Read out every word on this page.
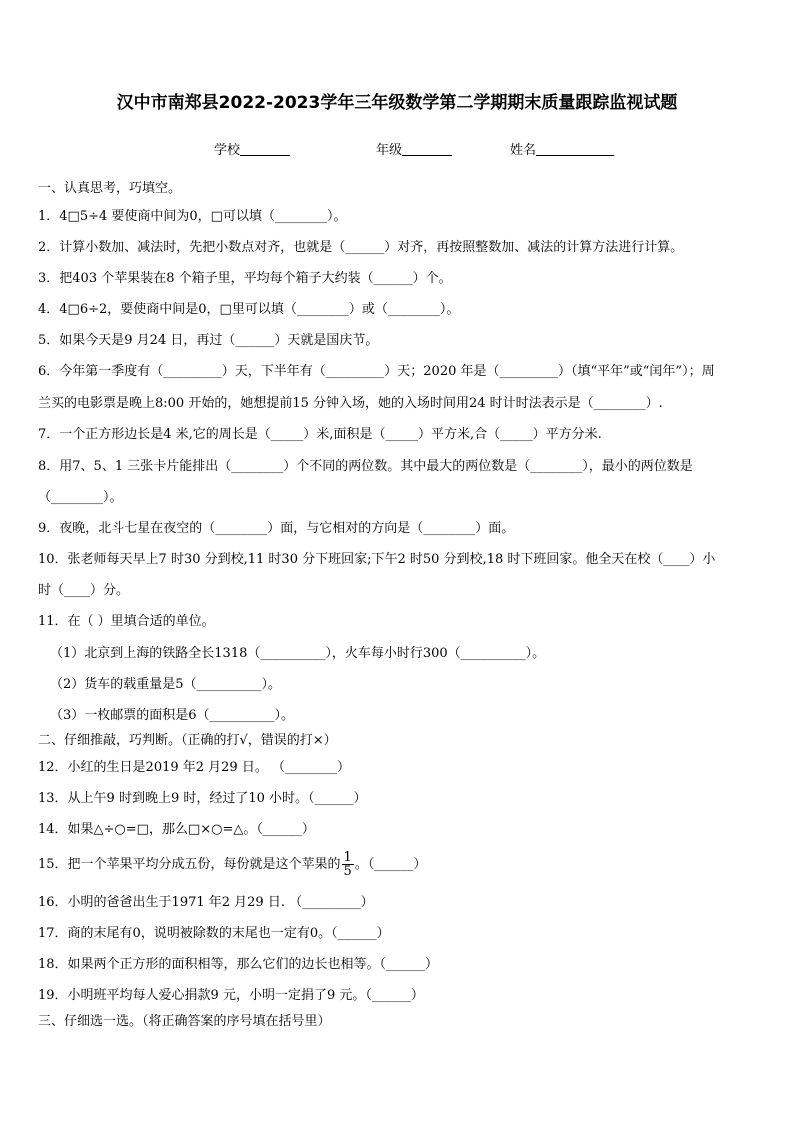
汉中市南郑县2022-2023学年三年级数学第二学期期末质量跟踪监视试题
学校	年级	姓名
一、认真思考，巧填空。
1．4□5÷4 要使商中间为0，□可以填（________）。
2．计算小数加、减法时，先把小数点对齐，也就是（______）对齐，再按照整数加、减法的计算方法进行计算。
3．把403 个苹果装在8 个箱子里，平均每个箱子大约装（______）个。
4．4□6÷2，要使商中间是0，□里可以填（________）或（________）。
5．如果今天是9 月24 日，再过（______）天就是国庆节。
6．今年第一季度有（_________）天，下半年有（_________）天；2020 年是（_________）（填“平年”或“闰年”）；周
兰买的电影票是晚上8:00 开始的，她想提前15 分钟入场，她的入场时间用24 时计时法表示是（________）.
7．一个正方形边长是4 米,它的周长是（_____）米,面积是（_____）平方米,合（_____）平方分米.
8．用7、5、1 三张卡片能排出（________）个不同的两位数。其中最大的两位数是（________），最小的两位数是
（________）。
9．夜晚，北斗七星在夜空的（________）面，与它相对的方向是（________）面。
10．张老师每天早上7 时30 分到校,11 时30 分下班回家;下午2 时50 分到校,18 时下班回家。他全天在校（____）小
时（____）分。
11．在（ ）里填合适的单位。
（1）北京到上海的铁路全长1318（__________），火车每小时行300（__________）。
（2）货车的载重量是5（__________）。
（3）一枚邮票的面积是6（__________）。
二、仔细推敲，巧判断。（正确的打√，错误的打×）
12．小红的生日是2019 年2 月29 日。 （________）
13．从上午9 时到晚上9 时，经过了10 小时。（______）
14．如果△÷○=□，那么□×○=△。（______）
15．把一个苹果平均分成五份，每份就是这个苹果的 $\frac{1}{5}$ 。（______）
16．小明的爸爸出生于1971 年2 月29 日. （_________）
17．商的末尾有0，说明被除数的末尾也一定有0。（______）
18．如果两个正方形的面积相等，那么它们的边长也相等。（______）
19．小明班平均每人爱心捐款9 元，小明一定捐了9 元。（______）
三、仔细选一选。（将正确答案的序号填在括号里）
